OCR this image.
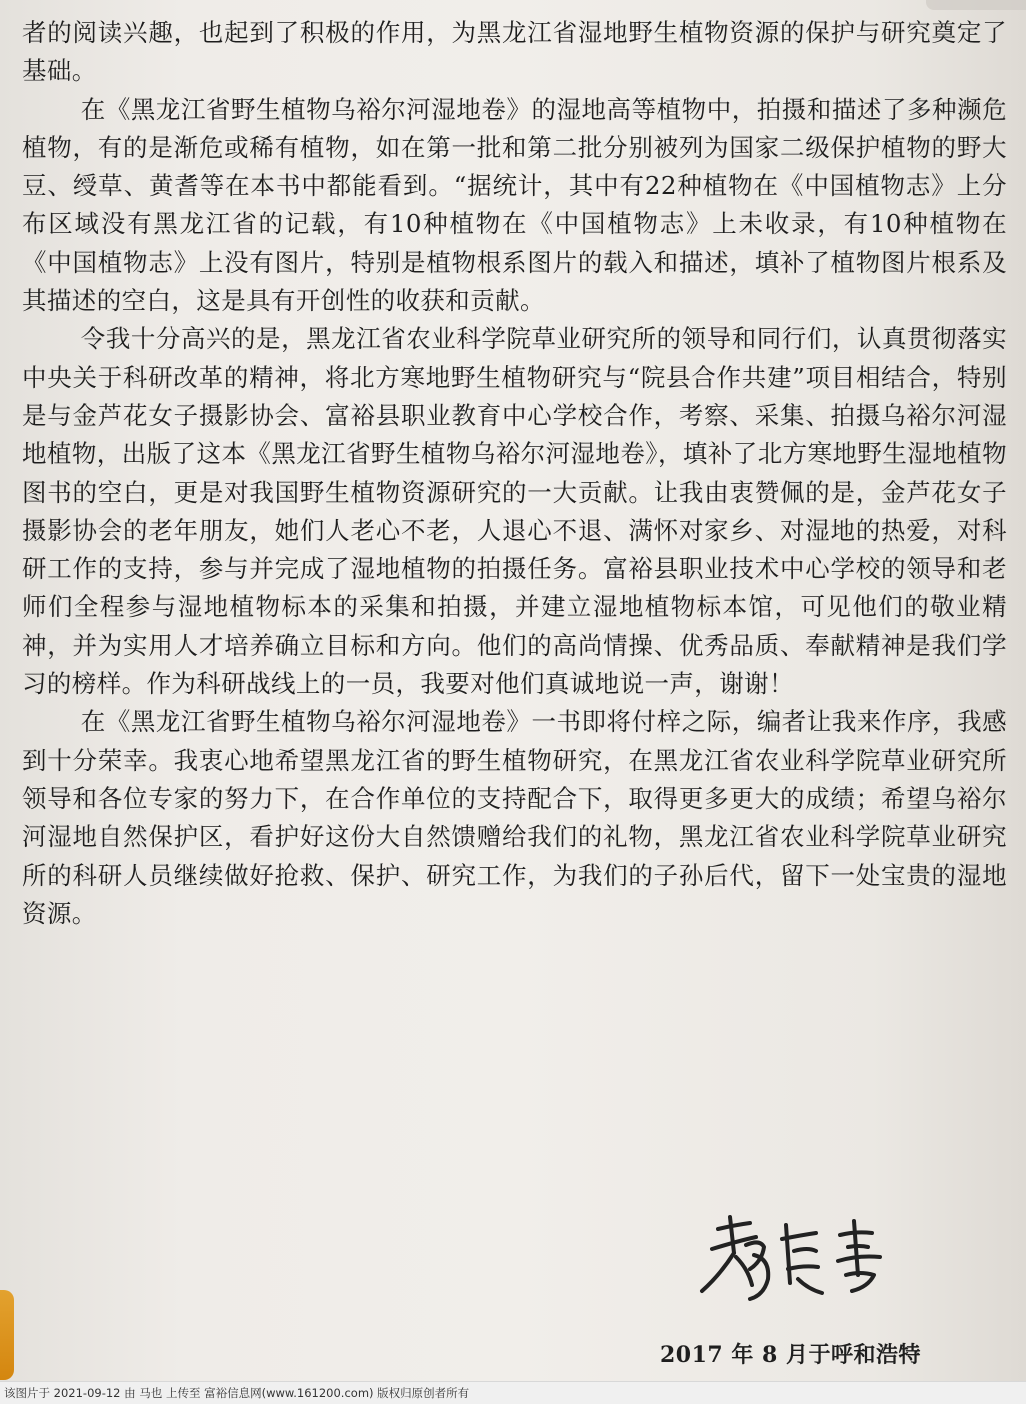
者的阅读兴趣，也起到了积极的作用，为黑龙江省湿地野生植物资源的保护与研究奠定了基础。

在《黑龙江省野生植物乌裕尔河湿地卷》的湿地高等植物中，拍摄和描述了多种濒危植物，有的是渐危或稀有植物，如在第一批和第二批分别被列为国家二级保护植物的野大豆、绶草、黄耆等在本书中都能看到。“据统计，其中有22种植物在《中国植物志》上分布区域没有黑龙江省的记载，有10种植物在《中国植物志》上未收录，有10种植物在《中国植物志》上没有图片，特别是植物根系图片的载入和描述，填补了植物图片根系及其描述的空白，这是具有开创性的收获和贡献。

令我十分高兴的是，黑龙江省农业科学院草业研究所的领导和同行们，认真贯彻落实中央关于科研改革的精神，将北方寒地野生植物研究与“院县合作共建”项目相结合，特别是与金芦花女子摄影协会、富裕县职业教育中心学校合作，考察、采集、拍摄乌裕尔河湿地植物，出版了这本《黑龙江省野生植物乌裕尔河湿地卷》，填补了北方寒地野生湿地植物图书的空白，更是对我国野生植物资源研究的一大贡献。让我由衷赞佩的是，金芦花女子摄影协会的老年朋友，她们人老心不老，人退心不退、满怀对家乡、对湿地的热爱，对科研工作的支持，参与并完成了湿地植物的拍摄任务。富裕县职业技术中心学校的领导和老师们全程参与湿地植物标本的采集和拍摄，并建立湿地植物标本馆，可见他们的敬业精神，并为实用人才培养确立目标和方向。他们的高尚情操、优秀品质、奉献精神是我们学习的榜样。作为科研战线上的一员，我要对他们真诚地说一声，谢谢！

在《黑龙江省野生植物乌裕尔河湿地卷》一书即将付梓之际，编者让我来作序，我感到十分荣幸。我衷心地希望黑龙江省的野生植物研究，在黑龙江省农业科学院草业研究所领导和各位专家的努力下，在合作单位的支持配合下，取得更多更大的成绩；希望乌裕尔河湿地自然保护区，看护好这份大自然馈赠给我们的礼物，黑龙江省农业科学院草业研究所的科研人员继续做好抢救、保护、研究工作，为我们的子孙后代，留下一处宝贵的湿地资源。

2017 年 8 月于呼和浩特
该图片于 2021-09-12 由 马也 上传至 富裕信息网(www.161200.com) 版权归原创者所有
